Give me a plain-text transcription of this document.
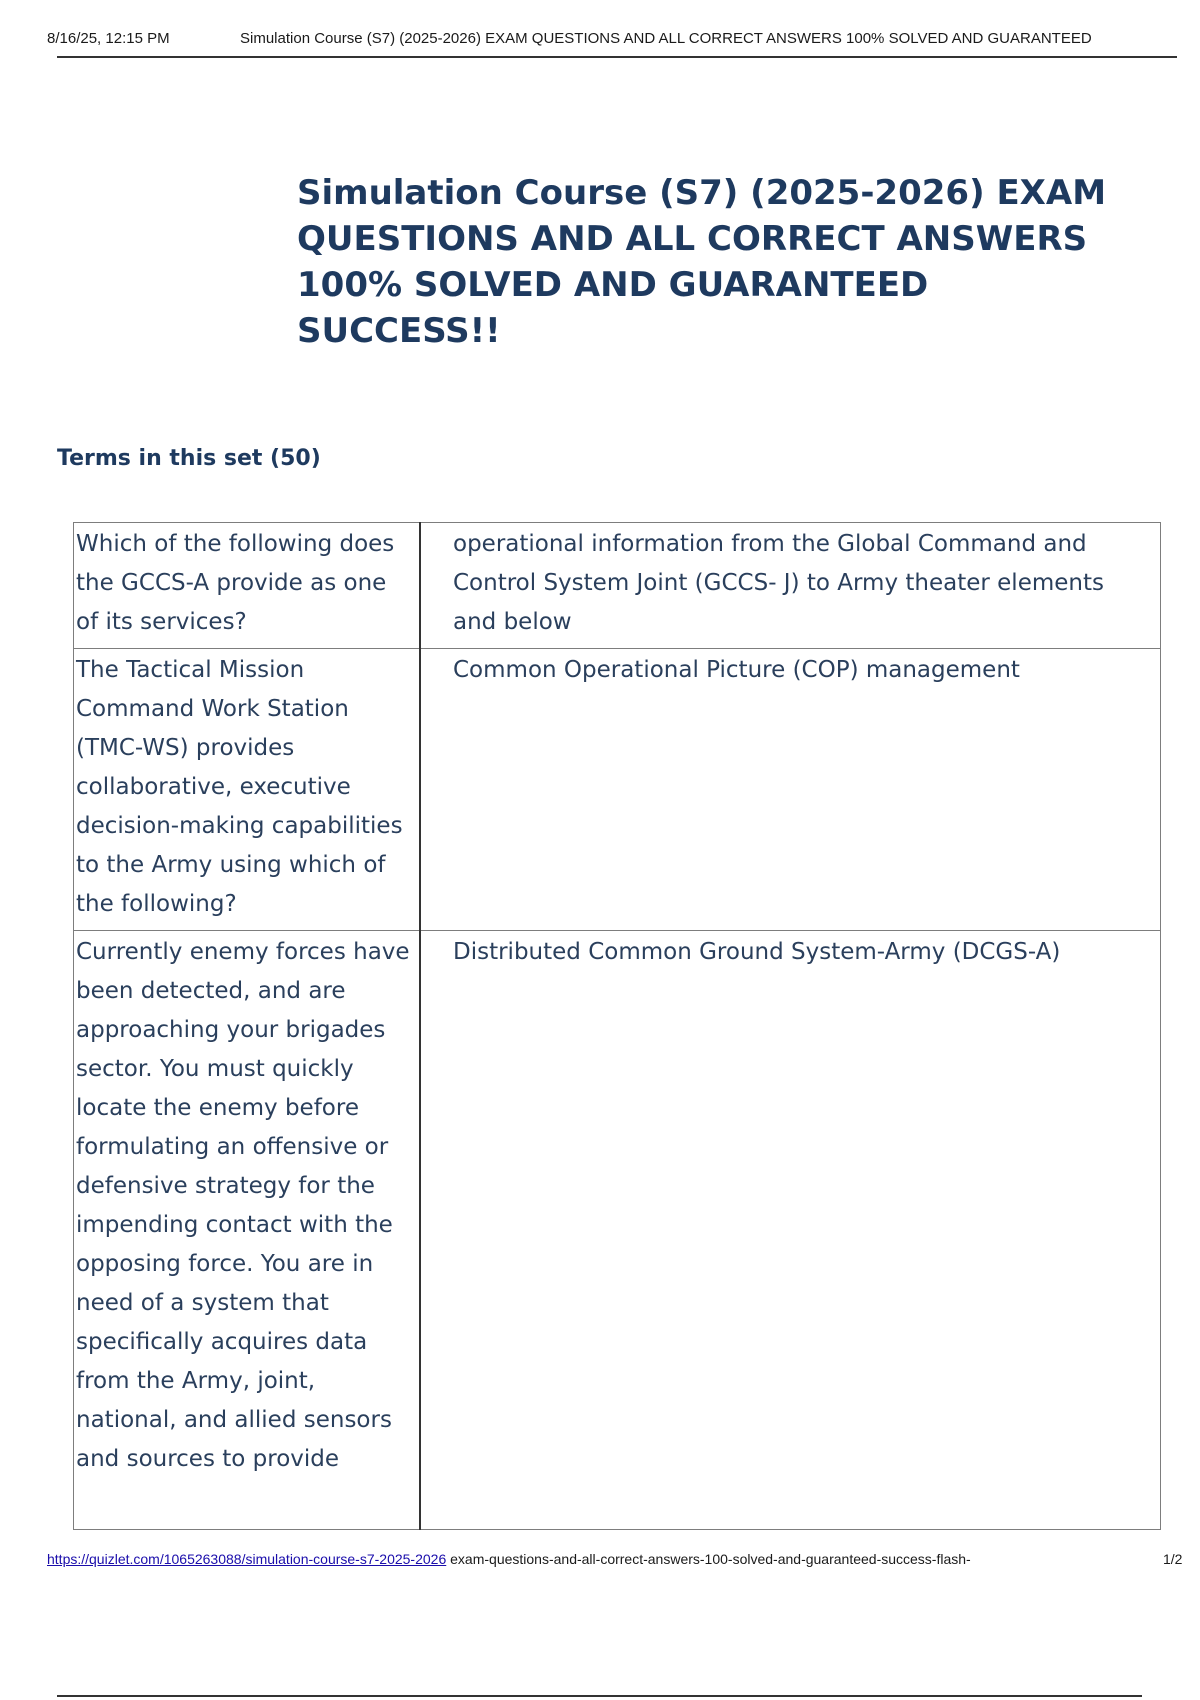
8/16/25, 12:15 PM	Simulation Course (S7) (2025-2026) EXAM QUESTIONS AND ALL CORRECT ANSWERS 100% SOLVED AND GUARANTEED
Simulation Course (S7) (2025-2026) EXAM QUESTIONS AND ALL CORRECT ANSWERS 100% SOLVED AND GUARANTEED SUCCESS!!
Terms in this set (50)
Which of the following does the GCCS-A provide as one of its services?	operational information from the Global Command and Control System Joint (GCCS- J) to Army theater elements and below
The Tactical Mission Command Work Station (TMC-WS) provides collaborative, executive decision-making capabilities to the Army using which of the following?	Common Operational Picture (COP) management
Currently enemy forces have been detected, and are approaching your brigades sector. You must quickly locate the enemy before formulating an offensive or defensive strategy for the impending contact with the opposing force. You are in need of a system that specifically acquires data from the Army, joint, national, and allied sensors and sources to provide	Distributed Common Ground System-Army (DCGS-A)
https://quizlet.com/1065263088/simulation-course-s7-2025-2026 exam-questions-and-all-correct-answers-100-solved-and-guaranteed-success-flash-	1/2
